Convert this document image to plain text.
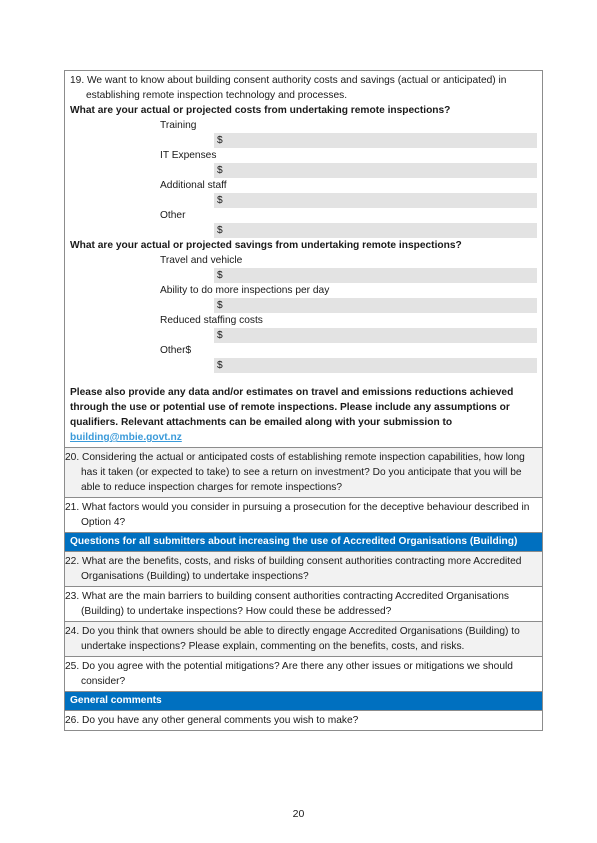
19. We want to know about building consent authority costs and savings (actual or anticipated) in establishing remote inspection technology and processes.
What are your actual or projected costs from undertaking remote inspections?
Training
$
IT Expenses
$
Additional staff
$
Other
$
What are your actual or projected savings from undertaking remote inspections?
Travel and vehicle
$
Ability to do more inspections per day
$
Reduced staffing costs
$
Other$
$
Please also provide any data and/or estimates on travel and emissions reductions achieved through the use or potential use of remote inspections. Please include any assumptions or qualifiers. Relevant attachments can be emailed along with your submission to building@mbie.govt.nz
20. Considering the actual or anticipated costs of establishing remote inspection capabilities, how long has it taken (or expected to take) to see a return on investment? Do you anticipate that you will be able to reduce inspection charges for remote inspections?
21. What factors would you consider in pursuing a prosecution for the deceptive behaviour described in Option 4?
Questions for all submitters about increasing the use of Accredited Organisations (Building)
22. What are the benefits, costs, and risks of building consent authorities contracting more Accredited Organisations (Building) to undertake inspections?
23. What are the main barriers to building consent authorities contracting Accredited Organisations (Building) to undertake inspections? How could these be addressed?
24. Do you think that owners should be able to directly engage Accredited Organisations (Building) to undertake inspections? Please explain, commenting on the benefits, costs, and risks.
25. Do you agree with the potential mitigations? Are there any other issues or mitigations we should consider?
General comments
26. Do you have any other general comments you wish to make?
20
